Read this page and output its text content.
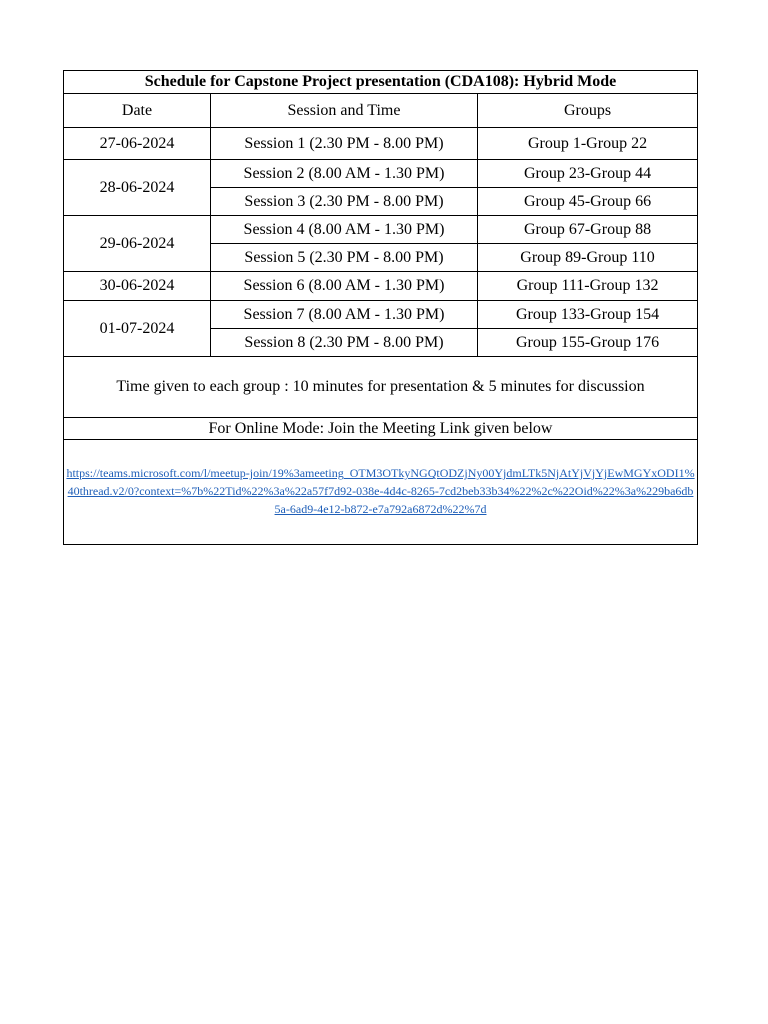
Schedule for Capstone Project presentation (CDA108): Hybrid Mode		
Date	Session and Time	Groups
27-06-2024	Session 1 (2.30 PM - 8.00 PM)	Group 1-Group 22
28-06-2024	Session 2 (8.00 AM - 1.30 PM)	Group 23-Group 44
	Session 3 (2.30 PM - 8.00 PM)	Group 45-Group 66
29-06-2024	Session 4 (8.00 AM - 1.30 PM)	Group 67-Group 88
	Session 5 (2.30 PM - 8.00 PM)	Group 89-Group 110
30-06-2024	Session 6 (8.00 AM - 1.30 PM)	Group 111-Group 132
01-07-2024	Session 7 (8.00 AM - 1.30 PM)	Group 133-Group 154
	Session 8 (2.30 PM - 8.00 PM)	Group 155-Group 176
Time given to each group : 10 minutes for presentation & 5 minutes for discussion		
For Online Mode: Join the Meeting Link given below		
https://teams.microsoft.com/l/meetup-join/19%3ameeting_OTM3OTkyNGQtODZjNy00YjdmLTk5NjAtYjVjYjEwMGYxODI1%40thread.v2/0?context=%7b%22Tid%22%3a%22a57f7d92-038e-4d4c-8265-7cd2beb33b34%22%2c%22Oid%22%3a%229ba6db5a-6ad9-4e12-b872-e7a792a6872d%22%7d		
